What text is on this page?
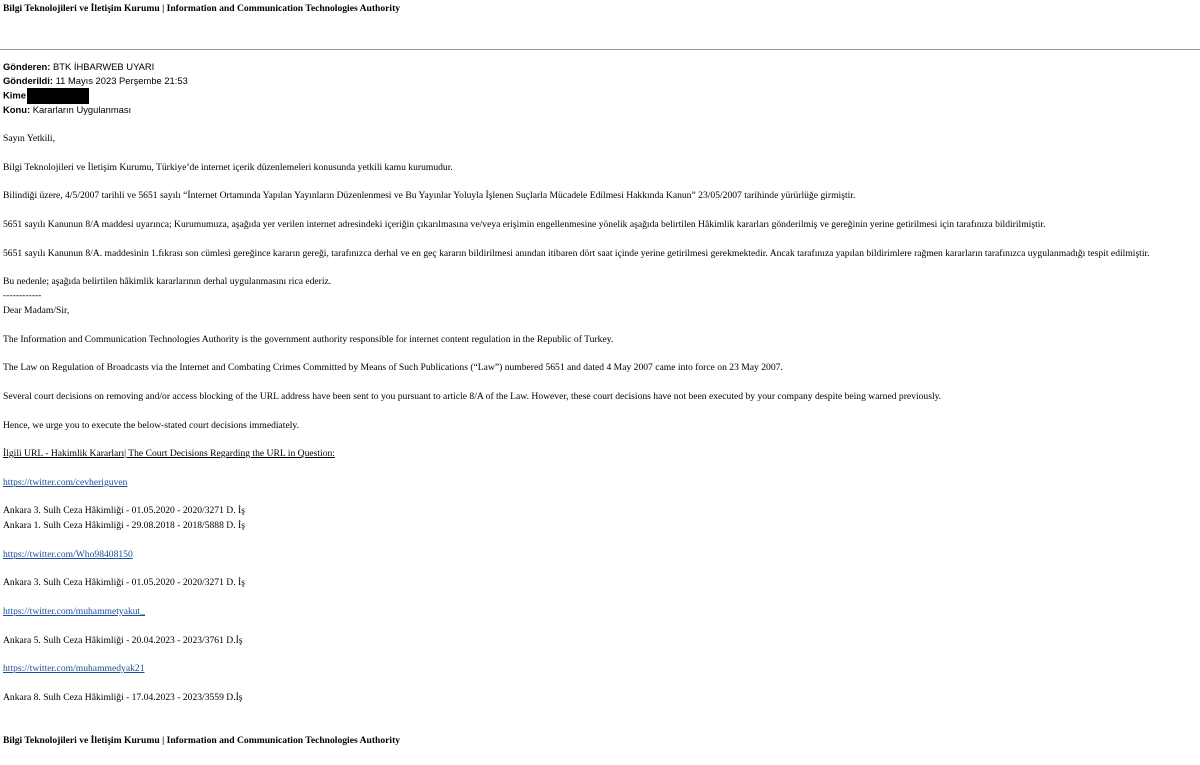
Bilgi Teknolojileri ve İletişim Kurumu | Information and Communication Technologies Authority
Gönderen: BTK İHBARWEB UYARI
Gönderildi: 11 Mayıs 2023 Perşembe 21:53
Kime
Konu: Kararların Uygulanması
Sayın Yetkili,
Bilgi Teknolojileri ve İletişim Kurumu, Türkiye’de internet içerik düzenlemeleri konusunda yetkili kamu kurumudur.
Bilindiği üzere, 4/5/2007 tarihli ve 5651 sayılı “İnternet Ortamında Yapılan Yayınların Düzenlenmesi ve Bu Yayınlar Yoluyla İşlenen Suçlarla Mücadele Edilmesi Hakkında Kanun” 23/05/2007 tarihinde yürürlüğe girmiştir.
5651 sayılı Kanunun 8/A maddesi uyarınca; Kurumumuza, aşağıda yer verilen internet adresindeki içeriğin çıkarılmasına ve/veya erişimin engellenmesine yönelik aşağıda belirtilen Hâkimlik kararları gönderilmiş ve gereğinin yerine getirilmesi için tarafınıza bildirilmiştir.
5651 sayılı Kanunun 8/A. maddesinin 1.fıkrası son cümlesi gereğince kararın gereği, tarafınızca derhal ve en geç kararın bildirilmesi anından itibaren dört saat içinde yerine getirilmesi gerekmektedir. Ancak tarafınıza yapılan bildirimlere rağmen kararların tarafınızca uygulanmadığı tespit edilmiştir.
Bu nedenle; aşağıda belirtilen hâkimlik kararlarının derhal uygulanmasını rica ederiz.
------------
Dear Madam/Sir,
The Information and Communication Technologies Authority is the government authority responsible for internet content regulation in the Republic of Turkey.
The Law on Regulation of Broadcasts via the Internet and Combating Crimes Committed by Means of Such Publications (“Law”) numbered 5651 and dated 4 May 2007 came into force on 23 May 2007.
Several court decisions on removing and/or access blocking of the URL address have been sent to you pursuant to article 8/A of the Law. However, these court decisions have not been executed by your company despite being warned previously.
Hence, we urge you to execute the below-stated court decisions immediately.
İlgili URL - Hakimlik Kararları| The Court Decisions Regarding the URL in Question:
https://twitter.com/cevheriguven
Ankara 3. Sulh Ceza Hâkimliği - 01.05.2020 - 2020/3271 D. İş
Ankara 1. Sulh Ceza Hâkimliği - 29.08.2018 - 2018/5888 D. İş
https://twitter.com/Who98408150
Ankara 3. Sulh Ceza Hâkimliği - 01.05.2020 - 2020/3271 D. İş
https://twitter.com/muhammetyakut_
Ankara 5. Sulh Ceza Hâkimliği - 20.04.2023 - 2023/3761 D.İş
https://twitter.com/muhammedyak21
Ankara 8. Sulh Ceza Hâkimliği - 17.04.2023 - 2023/3559 D.İş
Bilgi Teknolojileri ve İletişim Kurumu | Information and Communication Technologies Authority
